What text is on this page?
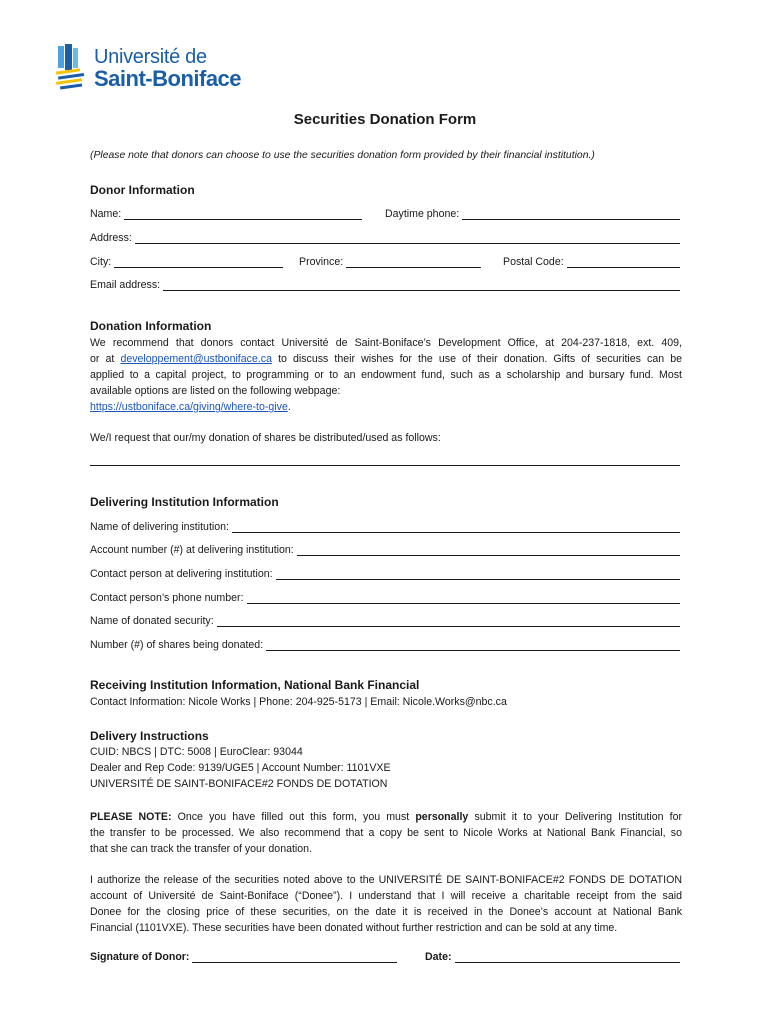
Université de
Saint-Boniface
Securities Donation Form
(Please note that donors can choose to use the securities donation form provided by their financial institution.)
Donor Information
Name:	Daytime phone:
Address:
City:	Province:	Postal Code:
Email address:
Donation Information
We recommend that donors contact Université de Saint-Boniface’s Development Office, at 204-237-1818, ext. 409,
or at developpement@ustboniface.ca to discuss their wishes for the use of their donation. Gifts of securities can be
applied to a capital project, to programming or to an endowment fund, such as a scholarship and bursary fund. Most
available options are listed on the following webpage:
https://ustboniface.ca/giving/where-to-give.
We/I request that our/my donation of shares be distributed/used as follows:
Delivering Institution Information
Name of delivering institution:
Account number (#) at delivering institution:
Contact person at delivering institution:
Contact person’s phone number:
Name of donated security:
Number (#) of shares being donated:
Receiving Institution Information, National Bank Financial
Contact Information: Nicole Works | Phone: 204-925-5173 | Email: Nicole.Works@nbc.ca
Delivery Instructions
CUID: NBCS | DTC: 5008 | EuroClear: 93044
Dealer and Rep Code: 9139/UGE5 | Account Number: 1101VXE
UNIVERSITÉ DE SAINT-BONIFACE#2 FONDS DE DOTATION
PLEASE NOTE: Once you have filled out this form, you must personally submit it to your Delivering Institution for
the transfer to be processed. We also recommend that a copy be sent to Nicole Works at National Bank Financial, so
that she can track the transfer of your donation.
I authorize the release of the securities noted above to the UNIVERSITÉ DE SAINT-BONIFACE#2 FONDS DE DOTATION
account of Université de Saint-Boniface (“Donee”). I understand that I will receive a charitable receipt from the said
Donee for the closing price of these securities, on the date it is received in the Donee’s account at National Bank
Financial (1101VXE). These securities have been donated without further restriction and can be sold at any time.
Signature of Donor:	Date:
